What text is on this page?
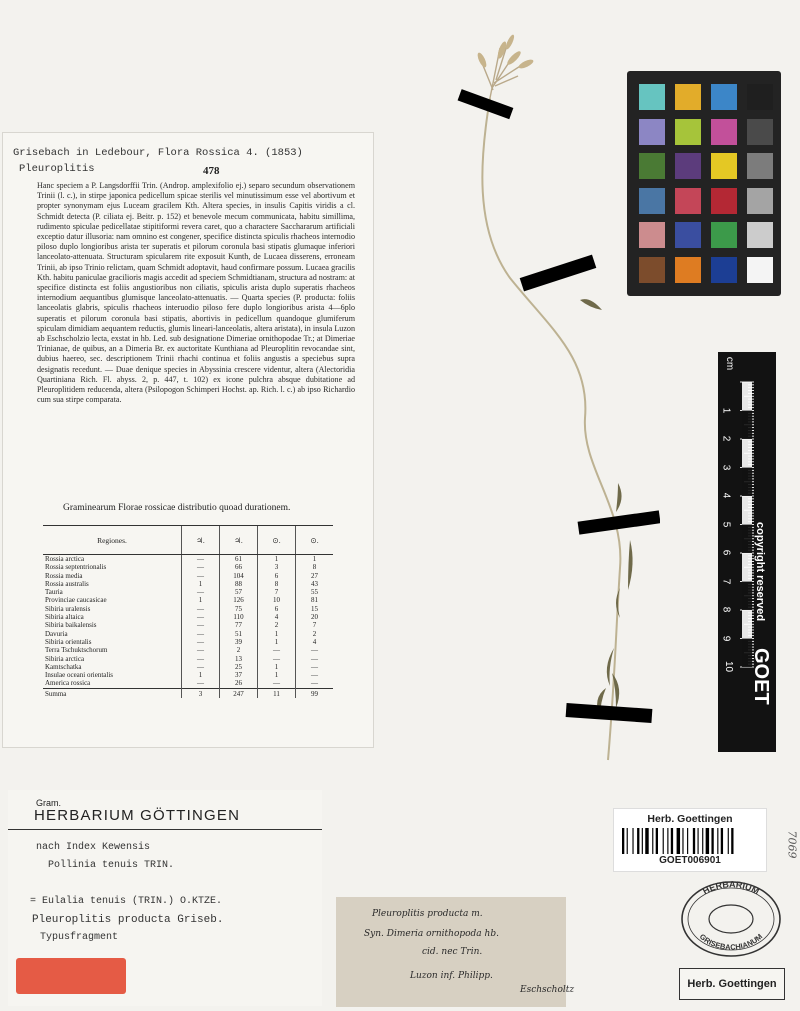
Grisebach in Ledebour, Flora Rossica 4. (1853)
Pleuroplitis	478

Hanc speciem a P. Langsdorffii Trin. (Androp. amplexifolio ej.) separo secundum observationem Trinii (l. c.), in stirpe japonica pedicellum spicae sterilis vel minutissimum esse vel abortivum et propter synonymam ejus Luceam gracilem Kth. Altera species, in insulis Capitis viridis a cl. Schmidt detecta (P. ciliata ej. Beitr. p. 152) et benevole mecum communicata, habitu simillima, rudimento spiculae pedicellatae stipitiformi revera caret, quo a charactere Sacchararum artificiali exceptio datur illusoria: nam omnino est congener, specifice distincta spiculis rhacheos internodio piloso duplo longioribus arista ter superatis et pilorum coronula basi stipatis glumaque inferiori lanceolato-attenuata. Structuram spicularem rite exposuit Kunth, de Lucaea disserens, erroneam Trinii, ab ipso Trinio relictam, quam Schmidt adoptavit, haud confirmare possum. Lucaea gracilis Kth. habitu paniculae gracilioris magis accedit ad speciem Schmidtianam, structura ad nostram: at specifice distincta est foliis angustioribus non ciliatis, spiculis arista duplo superatis rhacheos internodium aequantibus glumisque lanceolato-attenuatis. — Quarta species (P. producta: foliis lanceolatis glabris, spiculis rhacheos interuodio piloso fere duplo longioribus arista 4—6plo superatis et pilorum coronula basi stipatis, abortivis in pedicellum quandoque glumiferum spiculam dimidiam aequantem reductis, glumis lineari-lanceolatis, altera aristata), in insula Luzon ab Eschscholzio lecta, exstat in hb. Led. sub designatione Dimeriae ornithopodae Tr.; at Dimeriae Trinianae, de quibus, an a Dimeria Br. ex auctoritate Kunthiana ad Pleuroplitin revocandae sint, dubius haereo, sec. descriptionem Trinii rhachi continua et foliis angustis a speciebus supra designatis recedunt. — Duae denique species in Abyssinia crescere videntur, altera (Alectoridia Quartiniana Rich. Fl. abyss. 2, p. 447, t. 102) ex icone pulchra absque dubitatione ad Pleuroplitidem reducenda, altera (Psilopogon Schimperi Hochst. ap. Rich. l. c.) ab ipso Richardio cum sua stirpe comparata.

Graminearum Florae rossicae distributio quoad durationem.
Regiones.	♃.	♃.	⊙.	⊙.
Rossia arctica	—	61	1	1
Rossia septentrionalis	—	66	3	8
Rossia media	—	104	6	27
Rossia australis	1	88	8	43
Tauria	—	57	7	55
Provinciae caucasicae	1	126	10	81
Sibiria uralensis	—	75	6	15
Sibiria altaica	—	110	4	20
Sibiria baikalensis	—	77	2	7
Davuria	—	51	1	2
Sibiria orientalis	—	39	1	4
Terra Tschuktschorum	—	2	—	—
Sibiria arctica	—	13	—	—
Kamtschatka	—	25	1	—
Insulae oceani orientalis	1	37	1	—
America rossica	—	26	—	—
Summa	3	247	11	99
cm
1
2
3
4
5
6
7
8
9
10
copyright reserved
GOET
Gram.
HERBARIUM GÖTTINGEN
nach Index Kewensis
Pollinia tenuis TRIN.
= Eulalia tenuis (TRIN.) O.KTZE.
Pleuroplitis producta Griseb.
Typusfragment
Pleuroplitis producta m.
Syn. Dimeria ornithopoda hb.
cid. nec Trin.
Luzon inf. Philipp.
Eschscholtz
Herb. Goettingen
GOET006901
7069
HERBARIUM
GRISEBACHIANUM
Herb. Goettingen
